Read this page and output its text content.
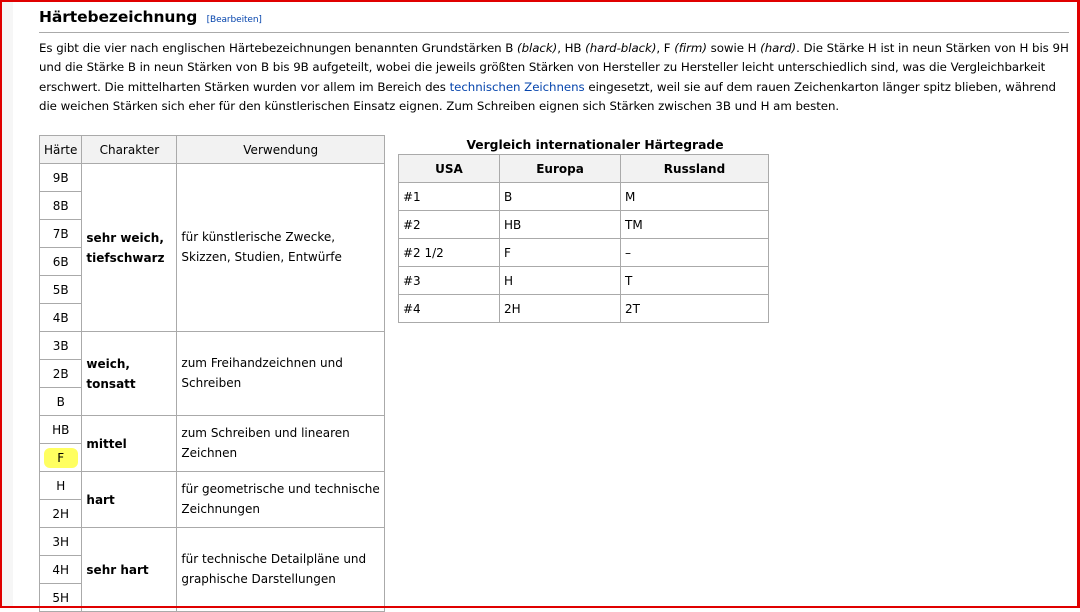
Härtebezeichnung [Bearbeiten]

Es gibt die vier nach englischen Härtebezeichnungen benannten Grundstärken B (black), HB (hard-black), F (firm) sowie H (hard). Die Stärke H ist in neun Stärken von H bis 9H und die Stärke B in neun Stärken von B bis 9B aufgeteilt, wobei die jeweils größten Stärken von Hersteller zu Hersteller leicht unterschiedlich sind, was die Vergleichbarkeit erschwert. Die mittelharten Stärken wurden vor allem im Bereich des technischen Zeichnens eingesetzt, weil sie auf dem rauen Zeichenkarton länger spitz blieben, während die weichen Stärken sich eher für den künstlerischen Einsatz eignen. Zum Schreiben eignen sich Stärken zwischen 3B und H am besten.

Härte	Charakter	Verwendung
9B	sehr weich, tiefschwarz	für künstlerische Zwecke, Skizzen, Studien, Entwürfe
8B		
7B		
6B		
5B		
4B		
3B	weich, tonsatt	zum Freihandzeichnen und Schreiben
2B		
B		
HB	mittel	zum Schreiben und linearen Zeichnen
F		
H	hart	für geometrische und technische Zeichnungen
2H		
3H	sehr hart	für technische Detailpläne und graphische Darstellungen
4H		
5H		
Vergleich internationaler Härtegrade
USA	Europa	Russland
#1	B	M
#2	HB	TM
#2 1/2	F	–
#3	H	T
#4	2H	2T
